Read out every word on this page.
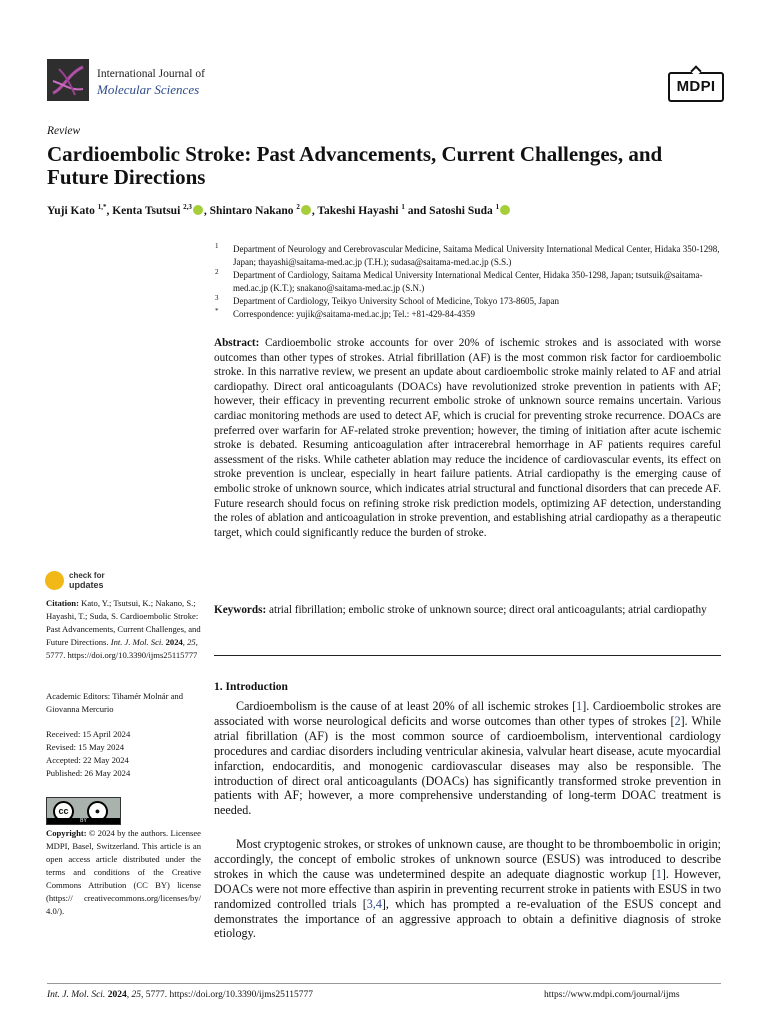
International Journal of
Molecular Sciences	MDPI
Review
Cardioembolic Stroke: Past Advancements, Current Challenges, and Future Directions
Yuji Kato $^{1,*}$, Kenta Tsutsui $^{2,3}$ , Shintaro Nakano $^2$ , Takeshi Hayashi $^1$ and Satoshi Suda $^1$
1 Department of Neurology and Cerebrovascular Medicine, Saitama Medical University International Medical Center, Hidaka 350-1298, Japan; thayashi@saitama-med.ac.jp (T.H.); sudasa@saitama-med.ac.jp (S.S.)
2 Department of Cardiology, Saitama Medical University International Medical Center, Hidaka 350-1298, Japan; tsutsuik@saitama-med.ac.jp (K.T.); snakano@saitama-med.ac.jp (S.N.)
3 Department of Cardiology, Teikyo University School of Medicine, Tokyo 173-8605, Japan
* Correspondence: yujik@saitama-med.ac.jp; Tel.: +81-429-84-4359
Abstract: Cardioembolic stroke accounts for over 20% of ischemic strokes and is associated with worse outcomes than other types of strokes. Atrial fibrillation (AF) is the most common risk factor for cardioembolic stroke. In this narrative review, we present an update about cardioembolic stroke mainly related to AF and atrial cardiopathy. Direct oral anticoagulants (DOACs) have revolutionized stroke prevention in patients with AF; however, their efficacy in preventing recurrent embolic stroke of unknown source remains uncertain. Various cardiac monitoring methods are used to detect AF, which is crucial for preventing stroke recurrence. DOACs are preferred over warfarin for AF-related stroke prevention; however, the timing of initiation after acute ischemic stroke is debated. Resuming anticoagulation after intracerebral hemorrhage in AF patients requires careful assessment of the risks. While catheter ablation may reduce the incidence of cardiovascular events, its effect on stroke prevention is unclear, especially in heart failure patients. Atrial cardiopathy is the emerging cause of embolic stroke of unknown source, which indicates atrial structural and functional disorders that can precede AF. Future research should focus on refining stroke risk prediction models, optimizing AF detection, understanding the roles of ablation and anticoagulation in stroke prevention, and establishing atrial cardiopathy as a therapeutic target, which could significantly reduce the burden of stroke.
Keywords: atrial fibrillation; embolic stroke of unknown source; direct oral anticoagulants; atrial cardiopathy
1. Introduction
Cardioembolism is the cause of at least 20% of all ischemic strokes [1]. Cardioembolic strokes are associated with worse neurological deficits and worse outcomes than other types of strokes [2]. While atrial fibrillation (AF) is the most common source of cardioembolism, interventional cardiology procedures and cardiac disorders including ventricular akinesia, valvular heart disease, acute myocardial infarction, endocarditis, and monogenic cardiovascular diseases may also be responsible. The introduction of direct oral anticoagulants (DOACs) has significantly transformed stroke prevention in patients with AF; however, a more comprehensive understanding of long-term DOAC treatment is needed.
Most cryptogenic strokes, or strokes of unknown cause, are thought to be thromboembolic in origin; accordingly, the concept of embolic strokes of unknown source (ESUS) was introduced to describe strokes in which the cause was undetermined despite an adequate diagnostic workup [1]. However, DOACs were not more effective than aspirin in preventing recurrent stroke in patients with ESUS in two randomized controlled trials [3,4], which has prompted a re-evaluation of the ESUS concept and demonstrates the importance of an aggressive approach to obtain a definitive diagnosis of stroke etiology.
check for
updates
Citation: Kato, Y.; Tsutsui, K.; Nakano, S.; Hayashi, T.; Suda, S. Cardioembolic Stroke: Past Advancements, Current Challenges, and Future Directions. Int. J. Mol. Sci. 2024, 25, 5777. https://doi.org/10.3390/ijms25115777
Academic Editors: Tihamér Molnár and Giovanna Mercurio
Received: 15 April 2024
Revised: 15 May 2024
Accepted: 22 May 2024
Published: 26 May 2024
cc	●
BY
Copyright: © 2024 by the authors. Licensee MDPI, Basel, Switzerland. This article is an open access article distributed under the terms and conditions of the Creative Commons Attribution (CC BY) license (https:// creativecommons.org/licenses/by/ 4.0/).
Int. J. Mol. Sci. 2024, 25, 5777. https://doi.org/10.3390/ijms25115777	https://www.mdpi.com/journal/ijms
